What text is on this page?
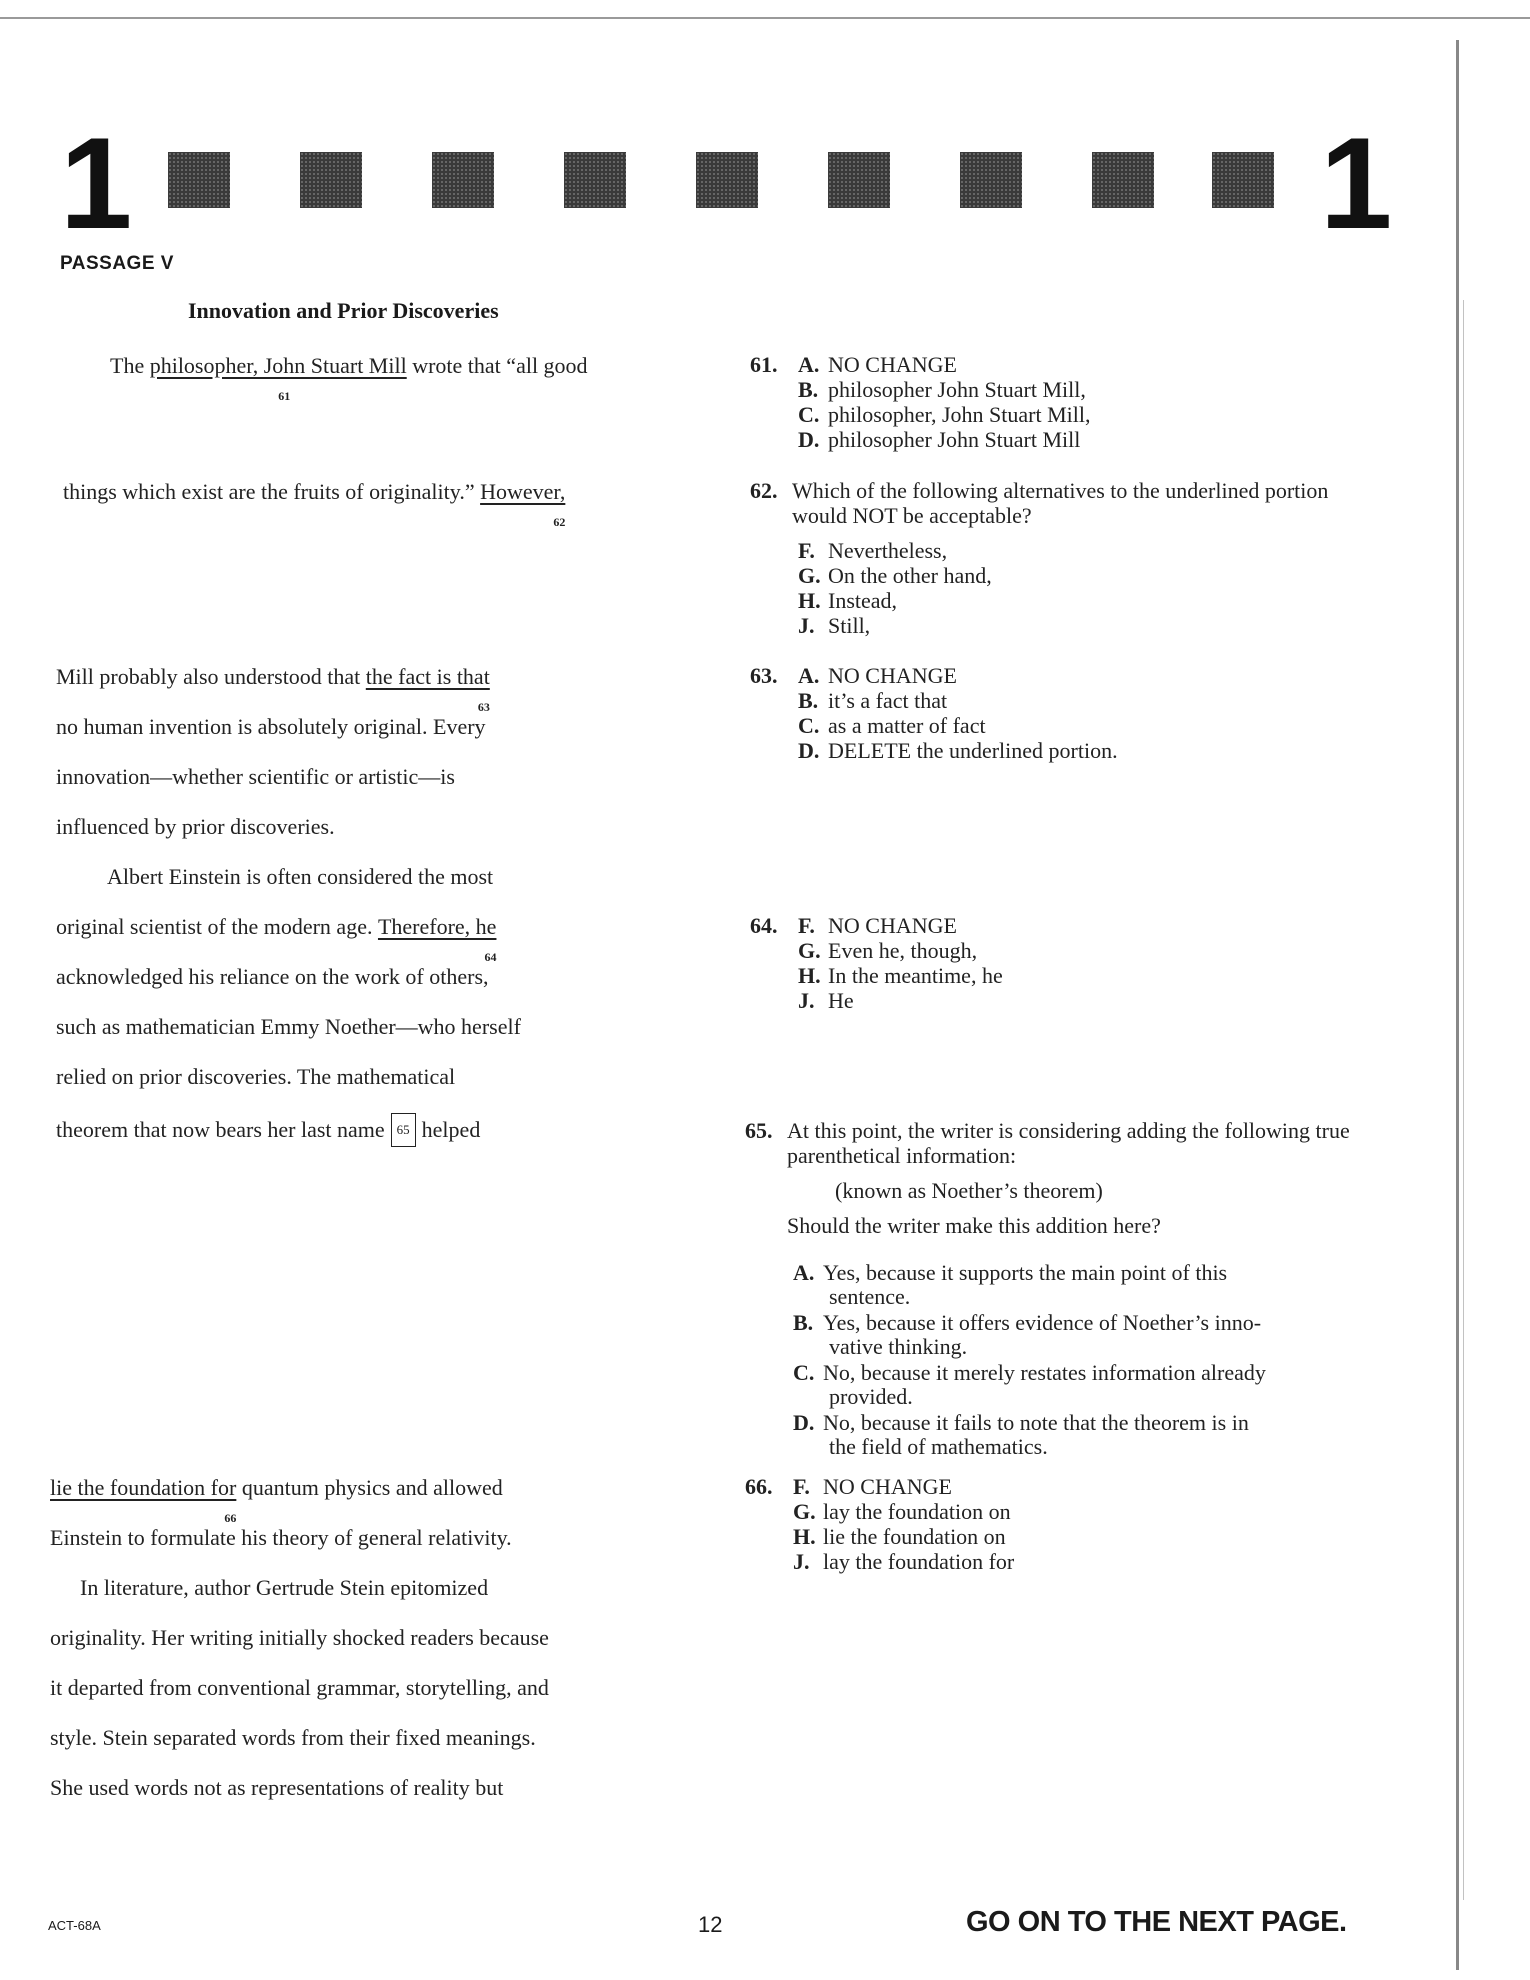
1	1
PASSAGE V
Innovation and Prior Discoveries
The philosopher, John Stuart Mill
61
wrote that “all good
things which exist are the fruits of originality.” However,
62
Mill probably also understood that the fact is that
63
no human invention is absolutely original. Every
innovation—whether scientific or artistic—is
influenced by prior discoveries.
Albert Einstein is often considered the most
original scientist of the modern age. Therefore, he
64
acknowledged his reliance on the work of others,
such as mathematician Emmy Noether—who herself
relied on prior discoveries. The mathematical
theorem that now bears her last name 65 helped
lie the foundation for
66
quantum physics and allowed
Einstein to formulate his theory of general relativity.
In literature, author Gertrude Stein epitomized
originality. Her writing initially shocked readers because
it departed from conventional grammar, storytelling, and
style. Stein separated words from their fixed meanings.
She used words not as representations of reality but
61. A. NO CHANGE
B. philosopher John Stuart Mill,
C. philosopher, John Stuart Mill,
D. philosopher John Stuart Mill
62. Which of the following alternatives to the underlined portion would NOT be acceptable?
F. Nevertheless,
G. On the other hand,
H. Instead,
J. Still,
63. A. NO CHANGE
B. it’s a fact that
C. as a matter of fact
D. DELETE the underlined portion.
64. F. NO CHANGE
G. Even he, though,
H. In the meantime, he
J. He
65. At this point, the writer is considering adding the following true parenthetical information:
(known as Noether’s theorem)
Should the writer make this addition here?
A. Yes, because it supports the main point of this
sentence.
B. Yes, because it offers evidence of Noether’s inno-
vative thinking.
C. No, because it merely restates information already
provided.
D. No, because it fails to note that the theorem is in
the field of mathematics.
66. F. NO CHANGE
G. lay the foundation on
H. lie the foundation on
J. lay the foundation for
ACT-68A	12	GO ON TO THE NEXT PAGE.
